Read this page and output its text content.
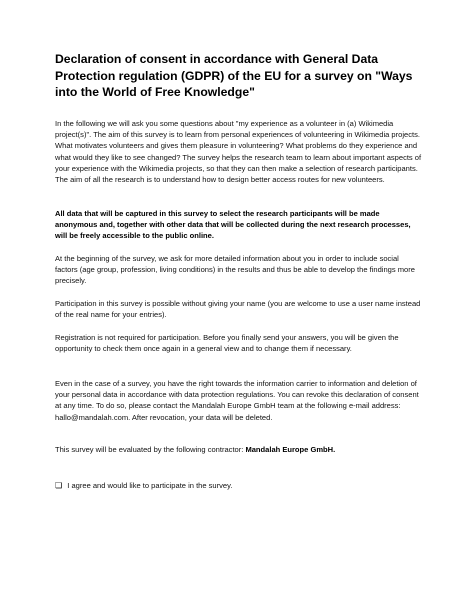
Declaration of consent in accordance with General Data Protection regulation (GDPR) of the EU for a survey on "Ways into the World of Free Knowledge"

In the following we will ask you some questions about "my experience as a volunteer in (a) Wikimedia project(s)". The aim of this survey is to learn from personal experiences of volunteering in Wikimedia projects. What motivates volunteers and gives them pleasure in volunteering? What problems do they experience and what would they like to see changed? The survey helps the research team to learn about important aspects of your experience with the Wikimedia projects, so that they can then make a selection of research participants. The aim of all the research is to understand how to design better access routes for new volunteers.

All data that will be captured in this survey to select the research participants will be made anonymous and, together with other data that will be collected during the next research processes, will be freely accessible to the public online.

At the beginning of the survey, we ask for more detailed information about you in order to include social factors (age group, profession, living conditions) in the results and thus be able to develop the findings more precisely.

Participation in this survey is possible without giving your name (you are welcome to use a user name instead of the real name for your entries).

Registration is not required for participation. Before you finally send your answers, you will be given the opportunity to check them once again in a general view and to change them if necessary.

Even in the case of a survey, you have the right towards the information carrier to information and deletion of your personal data in accordance with data protection regulations. You can revoke this declaration of consent at any time. To do so, please contact the Mandalah Europe GmbH team at the following e-mail address: hallo@mandalah.com. After revocation, your data will be deleted.

This survey will be evaluated by the following contractor: Mandalah Europe GmbH.

❏ I agree and would like to participate in the survey.
